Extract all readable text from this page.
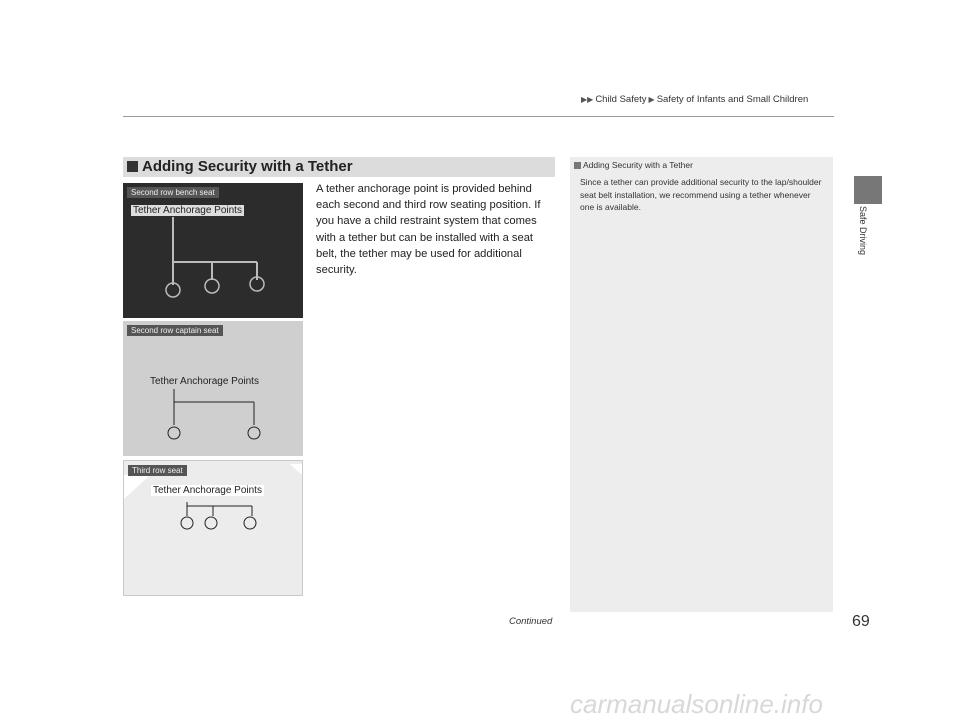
▶▶ Child Safety ▶ Safety of Infants and Small Children
Safe Driving
Adding Security with a Tether
A tether anchorage point is provided behind each second and third row seating position. If you have a child restraint system that comes with a tether but can be installed with a seat belt, the tether may be used for additional security.
Second row bench seat
Tether Anchorage Points
Second row captain seat
Tether Anchorage Points
Third row seat
Tether Anchorage Points
Adding Security with a Tether
Since a tether can provide additional security to the lap/shoulder seat belt installation, we recommend using a tether whenever one is available.
Continued	69
carmanualsonline.info
